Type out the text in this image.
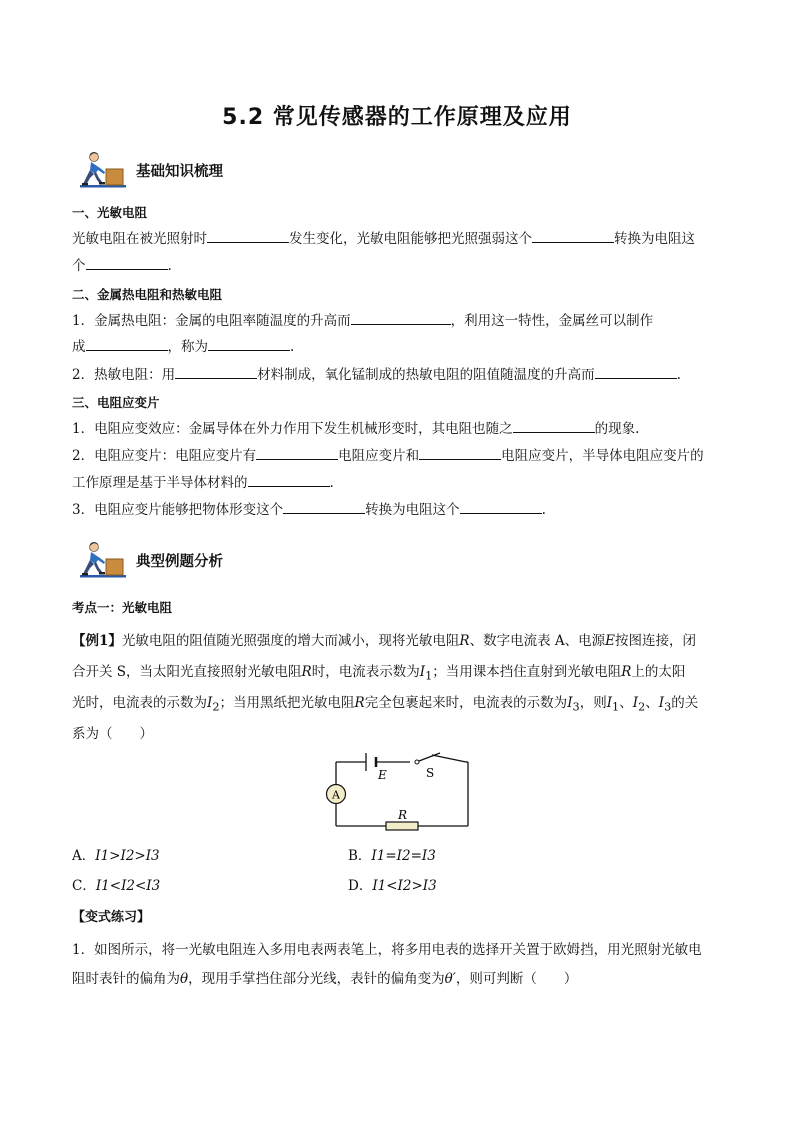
5.2 常见传感器的工作原理及应用
基础知识梳理
一、光敏电阻
光敏电阻在被光照射时	发生变化，光敏电阻能够把光照强弱这个	转换为电阻这
个	.
二、金属热电阻和热敏电阻
1．金属热电阻：金属的电阻率随温度的升高而	，利用这一特性，金属丝可以制作
成	，称为	.
2．热敏电阻：用	材料制成，氧化锰制成的热敏电阻的阻值随温度的升高而	.
三、电阻应变片
1．电阻应变效应：金属导体在外力作用下发生机械形变时，其电阻也随之	的现象.
2．电阻应变片：电阻应变片有	电阻应变片和	电阻应变片，半导体电阻应变片的
工作原理是基于半导体材料的	.
3．电阻应变片能够把物体形变这个	转换为电阻这个	.
典型例题分析
考点一：光敏电阻
【例1】光敏电阻的阻值随光照强度的增大而减小，现将光敏电阻R、数字电流表 A、电源E按图连接，闭
合开关 S，当太阳光直接照射光敏电阻R时，电流表示数为$I_1$；当用课本挡住直射到光敏电阻R上的太阳
光时，电流表的示数为$I_2$；当用黑纸把光敏电阻R完全包裹起来时，电流表的示数为$I_3$，则$I_1$、$I_2$、$I_3$的关
系为（　　）
A
E	S
R
A．I1>I2>I3	B．I1=I2=I3
C．I1<I2<I3	D．I1<I2>I3
【变式练习】
1．如图所示，将一光敏电阻连入多用电表两表笔上，将多用电表的选择开关置于欧姆挡，用光照射光敏电
阻时表针的偏角为θ，现用手掌挡住部分光线，表针的偏角变为θ′，则可判断（　　）
